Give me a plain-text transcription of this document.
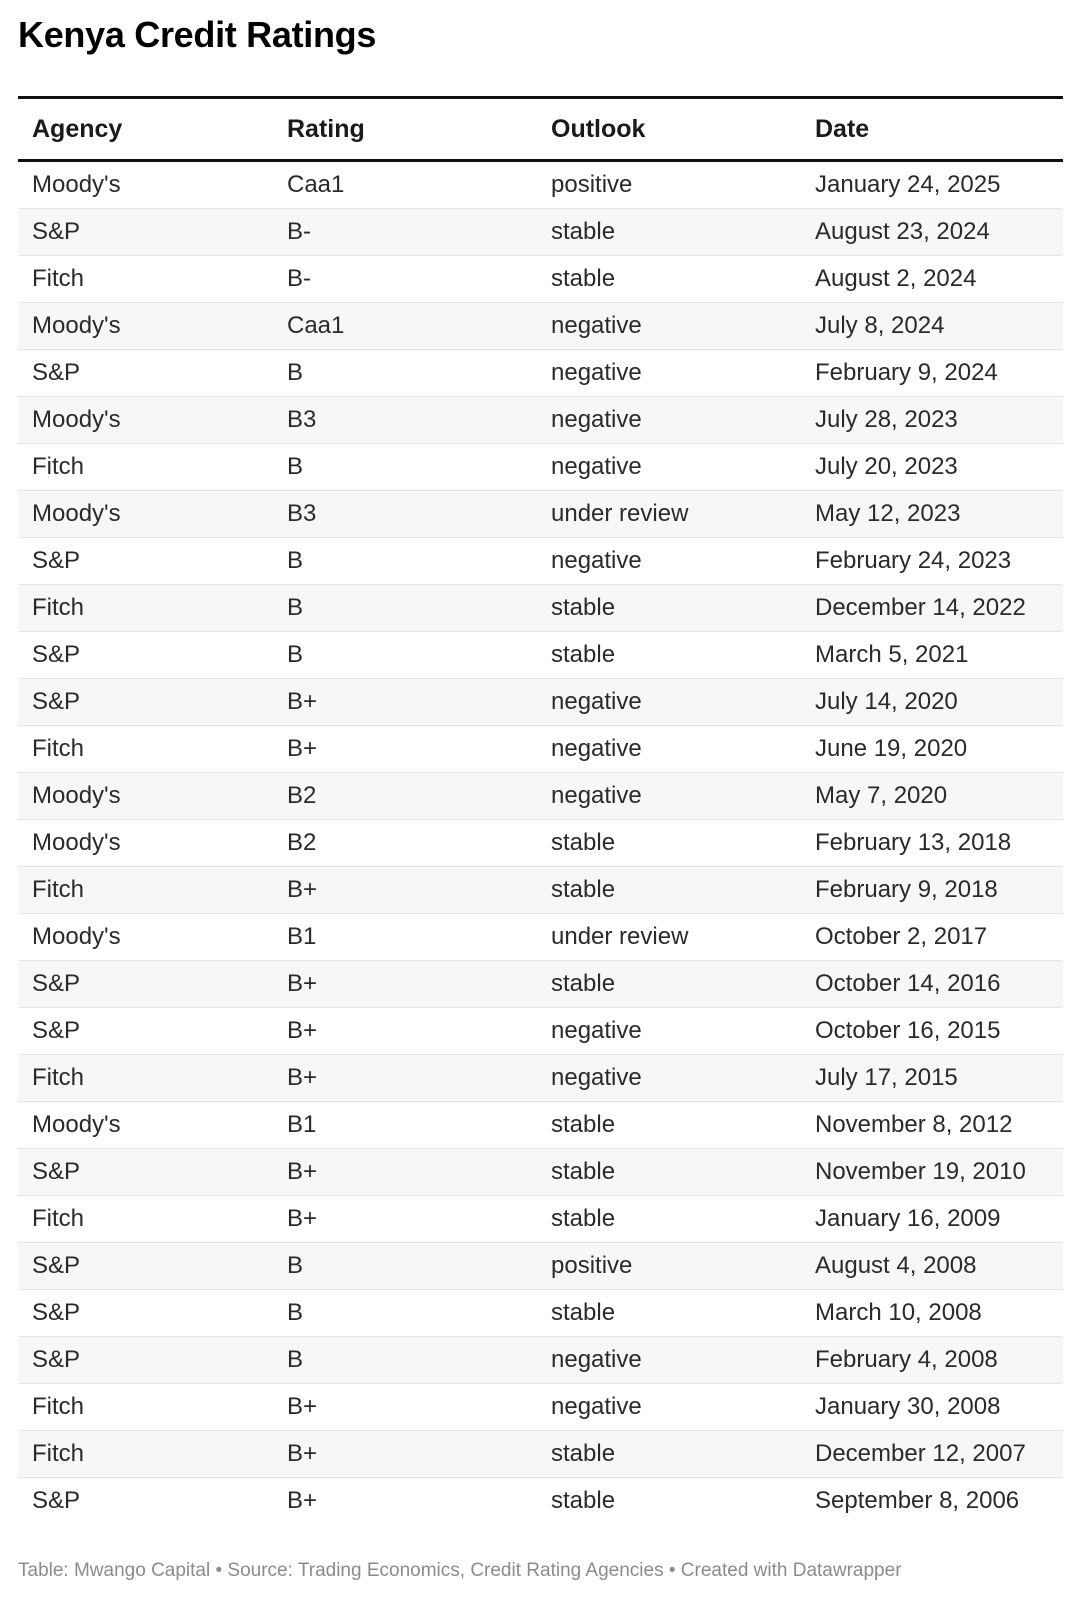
Kenya Credit Ratings
Agency	Rating	Outlook	Date
Moody's	Caa1	positive	January 24, 2025
S&P	B-	stable	August 23, 2024
Fitch	B-	stable	August 2, 2024
Moody's	Caa1	negative	July 8, 2024
S&P	B	negative	February 9, 2024
Moody's	B3	negative	July 28, 2023
Fitch	B	negative	July 20, 2023
Moody's	B3	under review	May 12, 2023
S&P	B	negative	February 24, 2023
Fitch	B	stable	December 14, 2022
S&P	B	stable	March 5, 2021
S&P	B+	negative	July 14, 2020
Fitch	B+	negative	June 19, 2020
Moody's	B2	negative	May 7, 2020
Moody's	B2	stable	February 13, 2018
Fitch	B+	stable	February 9, 2018
Moody's	B1	under review	October 2, 2017
S&P	B+	stable	October 14, 2016
S&P	B+	negative	October 16, 2015
Fitch	B+	negative	July 17, 2015
Moody's	B1	stable	November 8, 2012
S&P	B+	stable	November 19, 2010
Fitch	B+	stable	January 16, 2009
S&P	B	positive	August 4, 2008
S&P	B	stable	March 10, 2008
S&P	B	negative	February 4, 2008
Fitch	B+	negative	January 30, 2008
Fitch	B+	stable	December 12, 2007
S&P	B+	stable	September 8, 2006
Table: Mwango Capital • Source: Trading Economics, Credit Rating Agencies • Created with Datawrapper
